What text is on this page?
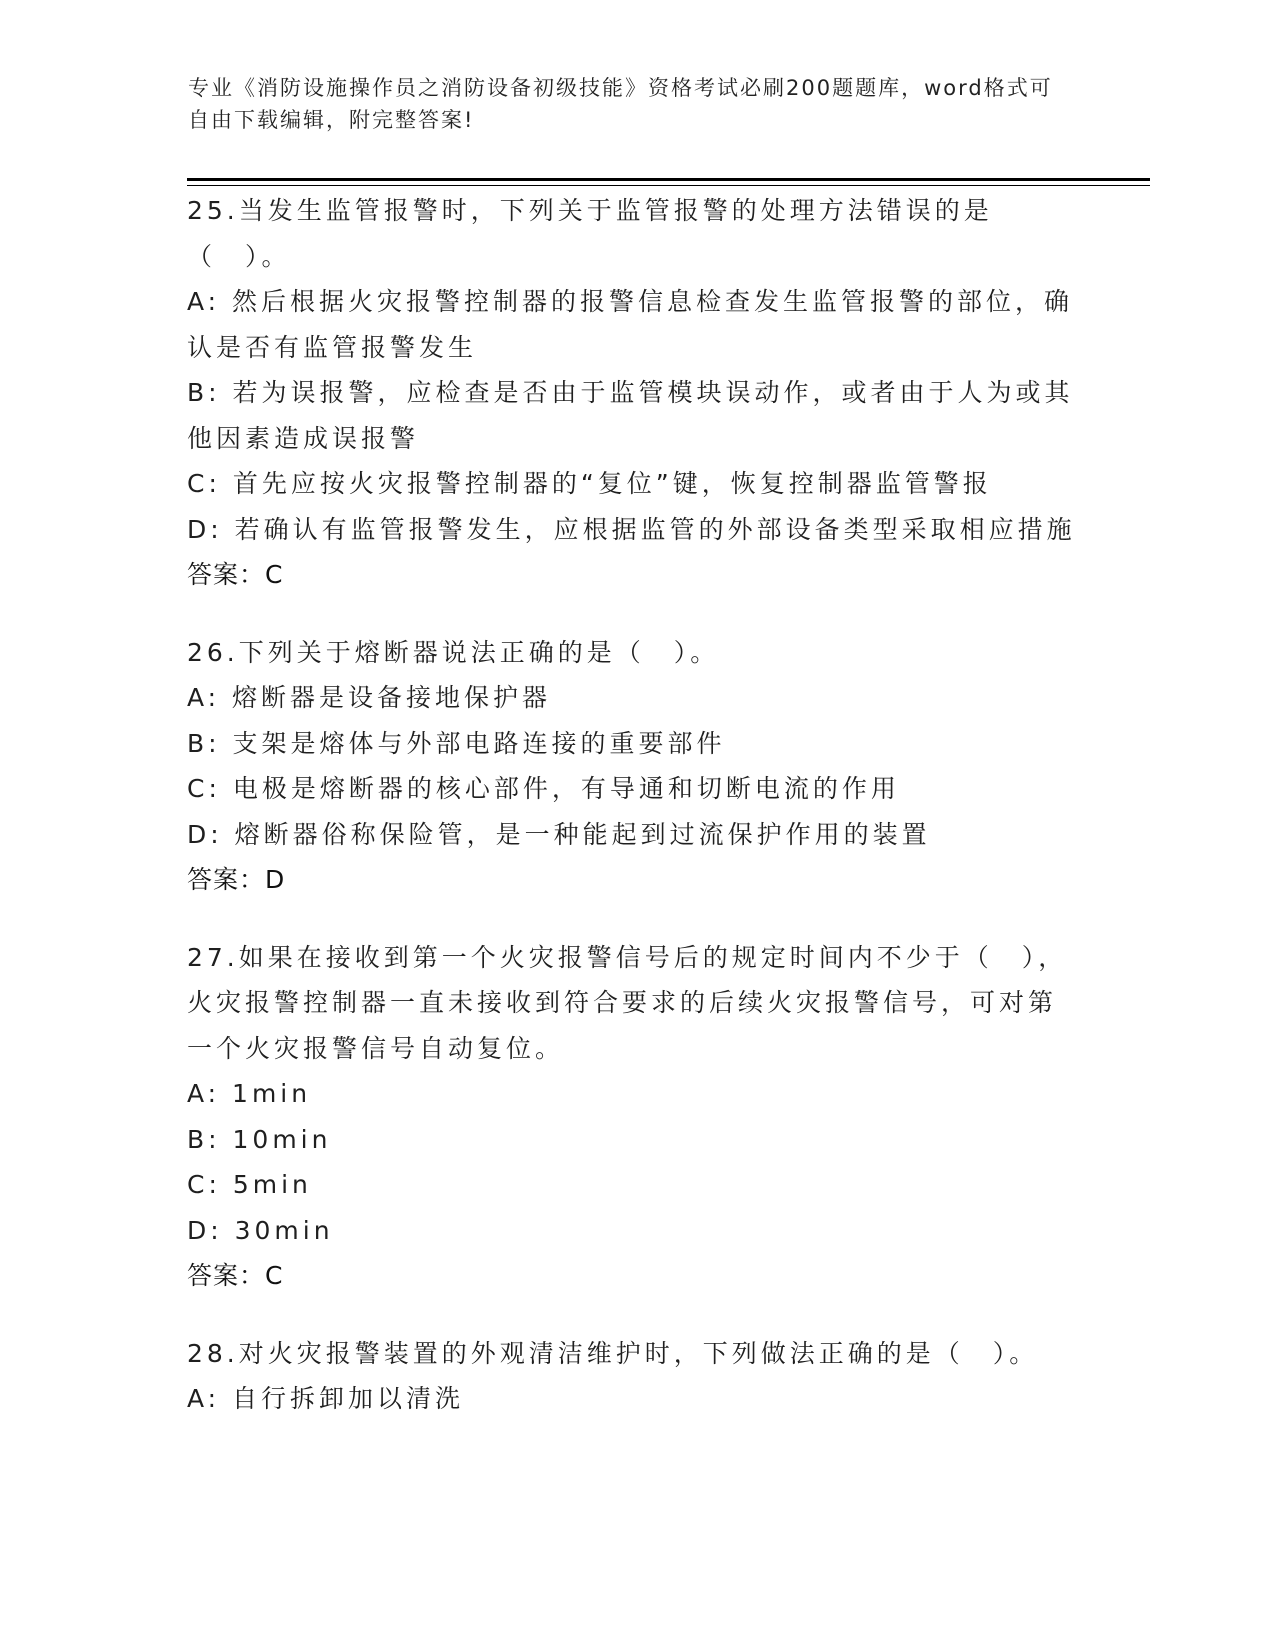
专业《消防设施操作员之消防设备初级技能》资格考试必刷200题题库，word格式可自由下载编辑，附完整答案!
25.当发生监管报警时，下列关于监管报警的处理方法错误的是（　）。
A: 然后根据火灾报警控制器的报警信息检查发生监管报警的部位，确认是否有监管报警发生
B: 若为误报警，应检查是否由于监管模块误动作，或者由于人为或其他因素造成误报警
C: 首先应按火灾报警控制器的“复位”键，恢复控制器监管警报
D: 若确认有监管报警发生，应根据监管的外部设备类型采取相应措施
答案：C
26.下列关于熔断器说法正确的是（　）。
A: 熔断器是设备接地保护器
B: 支架是熔体与外部电路连接的重要部件
C: 电极是熔断器的核心部件，有导通和切断电流的作用
D: 熔断器俗称保险管，是一种能起到过流保护作用的装置
答案：D
27.如果在接收到第一个火灾报警信号后的规定时间内不少于（　），火灾报警控制器一直未接收到符合要求的后续火灾报警信号，可对第一个火灾报警信号自动复位。
A: 1min
B: 10min
C: 5min
D: 30min
答案：C
28.对火灾报警装置的外观清洁维护时，下列做法正确的是（　）。
A: 自行拆卸加以清洗
